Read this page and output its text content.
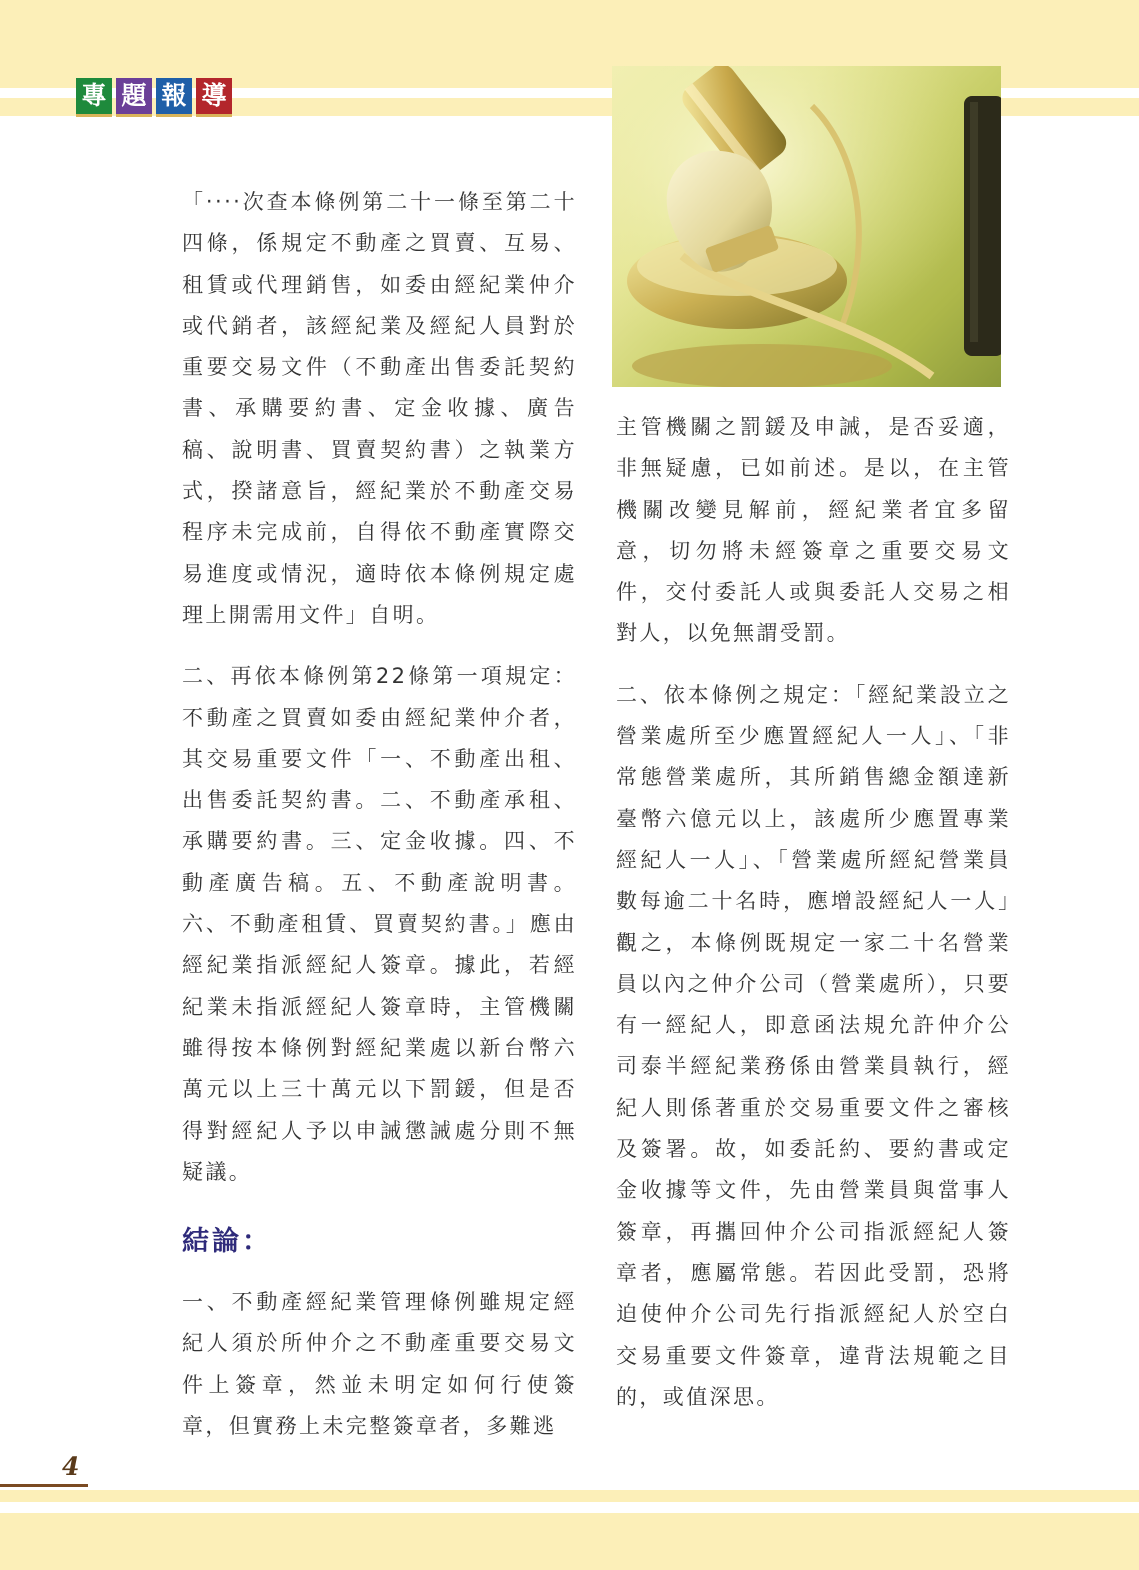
專 題 報 導

「‧‧‧‧次查本條例第二十一條至第二十四條，係規定不動產之買賣、互易、租賃或代理銷售，如委由經紀業仲介或代銷者，該經紀業及經紀人員對於重要交易文件（不動產出售委託契約書、承購要約書、定金收據、廣告稿、說明書、買賣契約書）之執業方式，揆諸意旨，經紀業於不動產交易程序未完成前，自得依不動產實際交易進度或情況，適時依本條例規定處理上開需用文件」自明。

二、再依本條例第22條第一項規定：不動產之買賣如委由經紀業仲介者，其交易重要文件「一、不動產出租、出售委託契約書。二、不動產承租、承購要約書。三、定金收據。四、不動產廣告稿。五、不動產說明書。六、不動產租賃、買賣契約書。」應由經紀業指派經紀人簽章。據此，若經紀業未指派經紀人簽章時，主管機關雖得按本條例對經紀業處以新台幣六萬元以上三十萬元以下罰鍰，但是否得對經紀人予以申誡懲誡處分則不無疑議。

結論：

一、不動產經紀業管理條例雖規定經紀人須於所仲介之不動產重要交易文件上簽章，然並未明定如何行使簽章，但實務上未完整簽章者，多難逃

主管機關之罰鍰及申誡，是否妥適，非無疑慮，已如前述。是以，在主管機關改變見解前，經紀業者宜多留意，切勿將未經簽章之重要交易文件，交付委託人或與委託人交易之相對人，以免無謂受罰。

二、依本條例之規定：「經紀業設立之營業處所至少應置經紀人一人」、「非常態營業處所，其所銷售總金額達新臺幣六億元以上，該處所少應置專業經紀人一人」、「營業處所經紀營業員數每逾二十名時，應增設經紀人一人」觀之，本條例既規定一家二十名營業員以內之仲介公司（營業處所），只要有一經紀人，即意函法規允許仲介公司泰半經紀業務係由營業員執行，經紀人則係著重於交易重要文件之審核及簽署。故，如委託約、要約書或定金收據等文件，先由營業員與當事人簽章，再攜回仲介公司指派經紀人簽章者，應屬常態。若因此受罰，恐將迫使仲介公司先行指派經紀人於空白交易重要文件簽章，違背法規範之目的，或值深思。

4
